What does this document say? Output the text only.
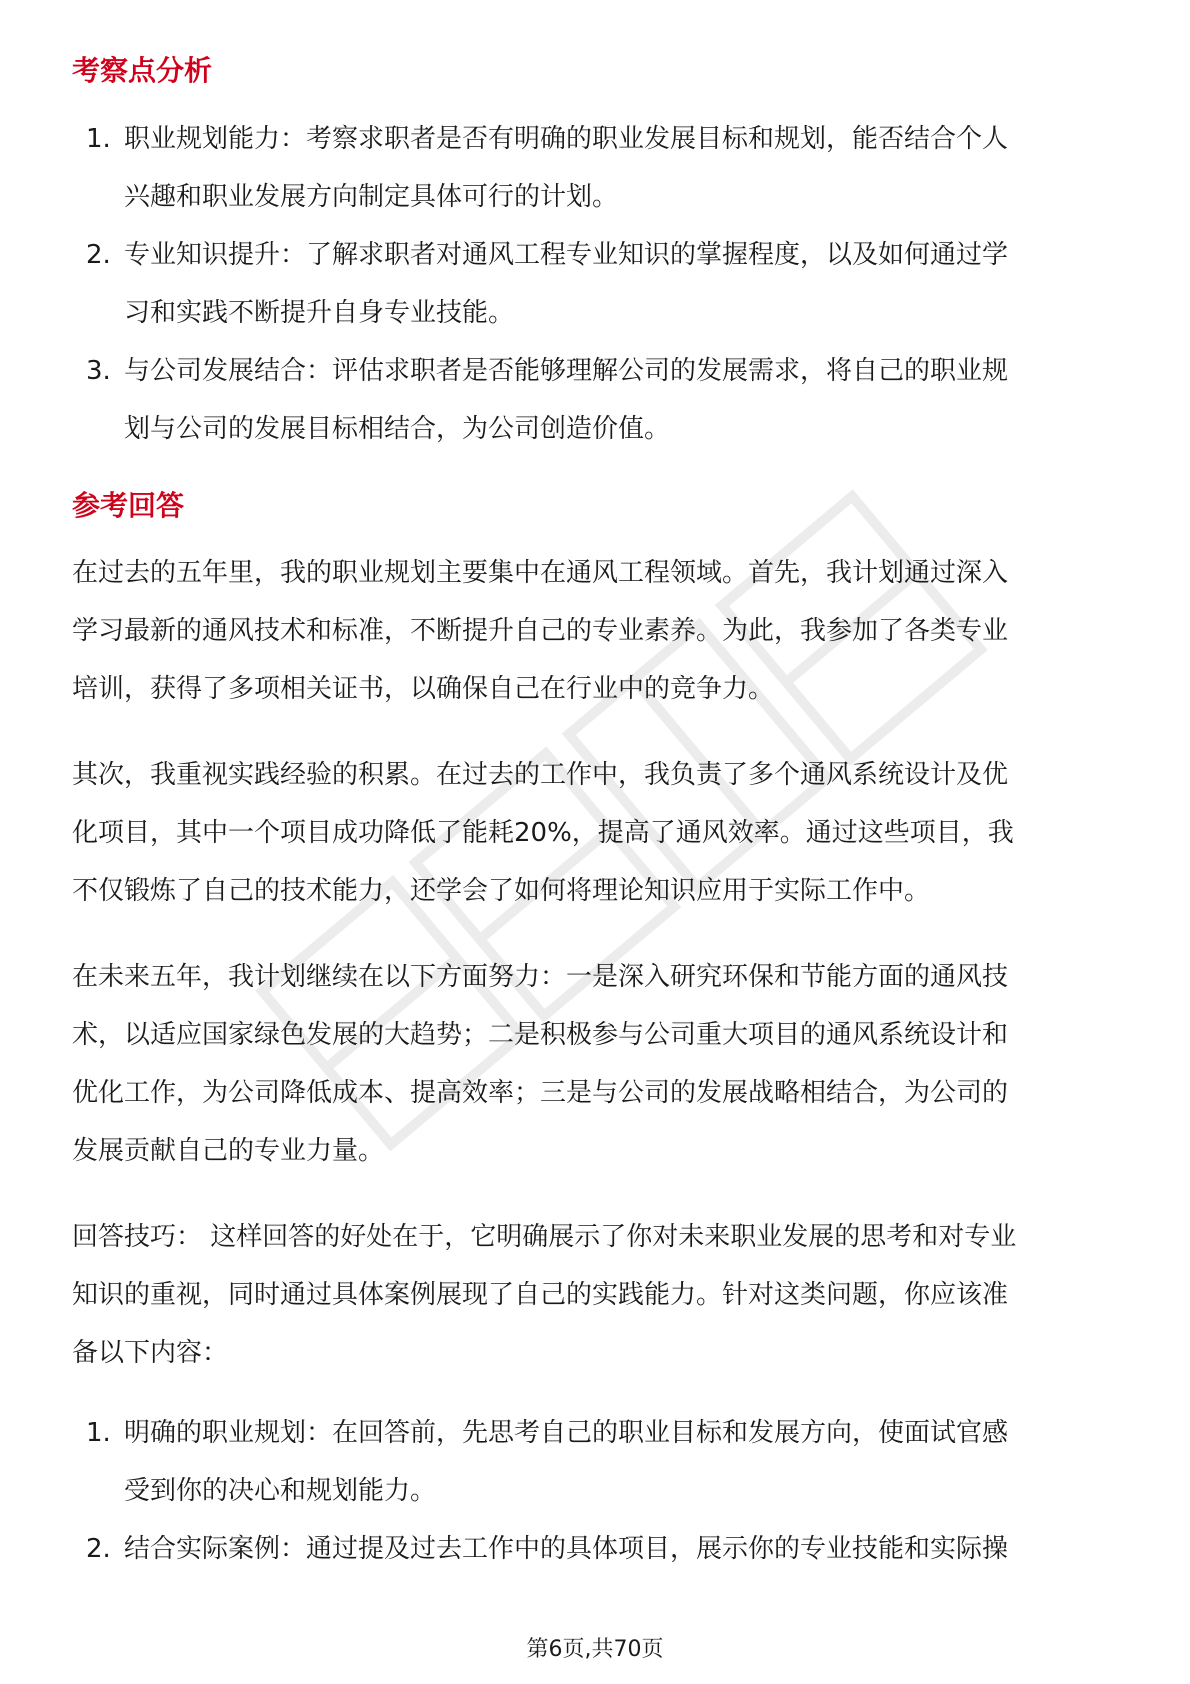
考察点分析
1. 职业规划能力：考察求职者是否有明确的职业发展目标和规划，能否结合个人
兴趣和职业发展方向制定具体可行的计划。
2. 专业知识提升：了解求职者对通风工程专业知识的掌握程度，以及如何通过学
习和实践不断提升自身专业技能。
3. 与公司发展结合：评估求职者是否能够理解公司的发展需求，将自己的职业规
划与公司的发展目标相结合，为公司创造价值。
参考回答

在过去的五年里，我的职业规划主要集中在通风工程领域。首先，我计划通过深入
学习最新的通风技术和标准，不断提升自己的专业素养。为此，我参加了各类专业
培训，获得了多项相关证书，以确保自己在行业中的竞争力。

其次，我重视实践经验的积累。在过去的工作中，我负责了多个通风系统设计及优
化项目，其中一个项目成功降低了能耗20%，提高了通风效率。通过这些项目，我
不仅锻炼了自己的技术能力，还学会了如何将理论知识应用于实际工作中。

在未来五年，我计划继续在以下方面努力：一是深入研究环保和节能方面的通风技
术，以适应国家绿色发展的大趋势；二是积极参与公司重大项目的通风系统设计和
优化工作，为公司降低成本、提高效率；三是与公司的发展战略相结合，为公司的
发展贡献自己的专业力量。

回答技巧： 这样回答的好处在于，它明确展示了你对未来职业发展的思考和对专业
知识的重视，同时通过具体案例展现了自己的实践能力。针对这类问题，你应该准
备以下内容：

1. 明确的职业规划：在回答前，先思考自己的职业目标和发展方向，使面试官感
受到你的决心和规划能力。
2. 结合实际案例：通过提及过去工作中的具体项目，展示你的专业技能和实际操
第6页,共70页
